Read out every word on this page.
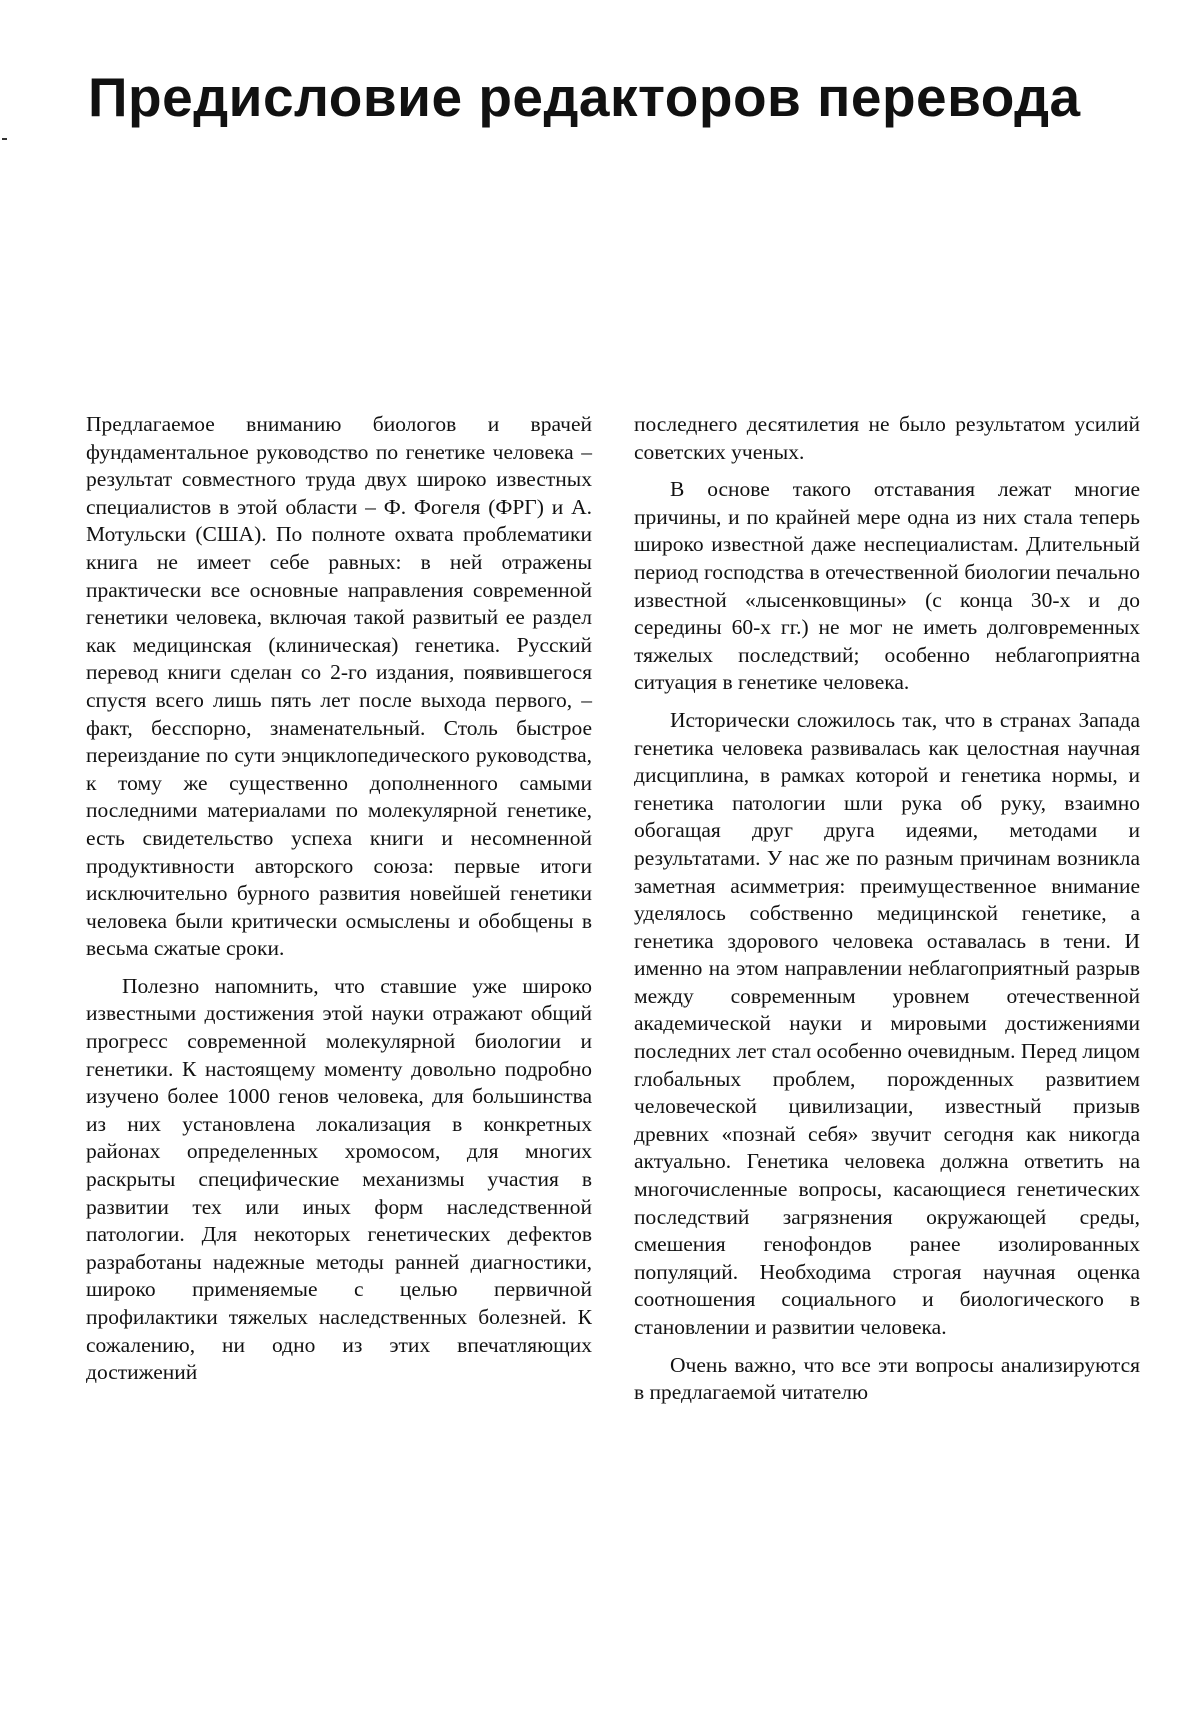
Предисловие редакторов перевода

Предлагаемое вниманию биологов и врачей фундаментальное руководство по генетике человека – результат совместного труда двух широко известных специалистов в этой области – Ф. Фогеля (ФРГ) и А. Мотульски (США). По полноте охвата проблематики книга не имеет себе равных: в ней отражены практически все основные направления современной генетики человека, включая такой развитый ее раздел как медицинская (клиническая) генетика. Русский перевод книги сделан со 2-го издания, появившегося спустя всего лишь пять лет после выхода первого, – факт, бесспорно, знаменательный. Столь быстрое переиздание по сути энциклопедического руководства, к тому же существенно дополненного самыми последними материалами по молекулярной генетике, есть свидетельство успеха книги и несомненной продуктивности авторского союза: первые итоги исключительно бурного развития новейшей генетики человека были критически осмыслены и обобщены в весьма сжатые сроки.

Полезно напомнить, что ставшие уже широко известными достижения этой науки отражают общий прогресс современной молекулярной биологии и генетики. К настоящему моменту довольно подробно изучено более 1000 генов человека, для большинства из них установлена локализация в конкретных районах определенных хромосом, для многих раскрыты специфические механизмы участия в развитии тех или иных форм наследственной патологии. Для некоторых генетических дефектов разработаны надежные методы ранней диагностики, широко применяемые с целью первичной профилактики тяжелых наследственных болезней. К сожалению, ни одно из этих впечатляющих достижений

последнего десятилетия не было результатом усилий советских ученых.

В основе такого отставания лежат многие причины, и по крайней мере одна из них стала теперь широко известной даже неспециалистам. Длительный период господства в отечественной биологии печально известной «лысенковщины» (с конца 30-х и до середины 60-х гг.) не мог не иметь долговременных тяжелых последствий; особенно неблагоприятна ситуация в генетике человека.

Исторически сложилось так, что в странах Запада генетика человека развивалась как целостная научная дисциплина, в рамках которой и генетика нормы, и генетика патологии шли рука об руку, взаимно обогащая друг друга идеями, методами и результатами. У нас же по разным причинам возникла заметная асимметрия: преимущественное внимание уделялось собственно медицинской генетике, а генетика здорового человека оставалась в тени. И именно на этом направлении неблагоприятный разрыв между современным уровнем отечественной академической науки и мировыми достижениями последних лет стал особенно очевидным. Перед лицом глобальных проблем, порожденных развитием человеческой цивилизации, известный призыв древних «познай себя» звучит сегодня как никогда актуально. Генетика человека должна ответить на многочисленные вопросы, касающиеся генетических последствий загрязнения окружающей среды, смешения генофондов ранее изолированных популяций. Необходима строгая научная оценка соотношения социального и биологического в становлении и развитии человека.

Очень важно, что все эти вопросы анализируются в предлагаемой читателю
